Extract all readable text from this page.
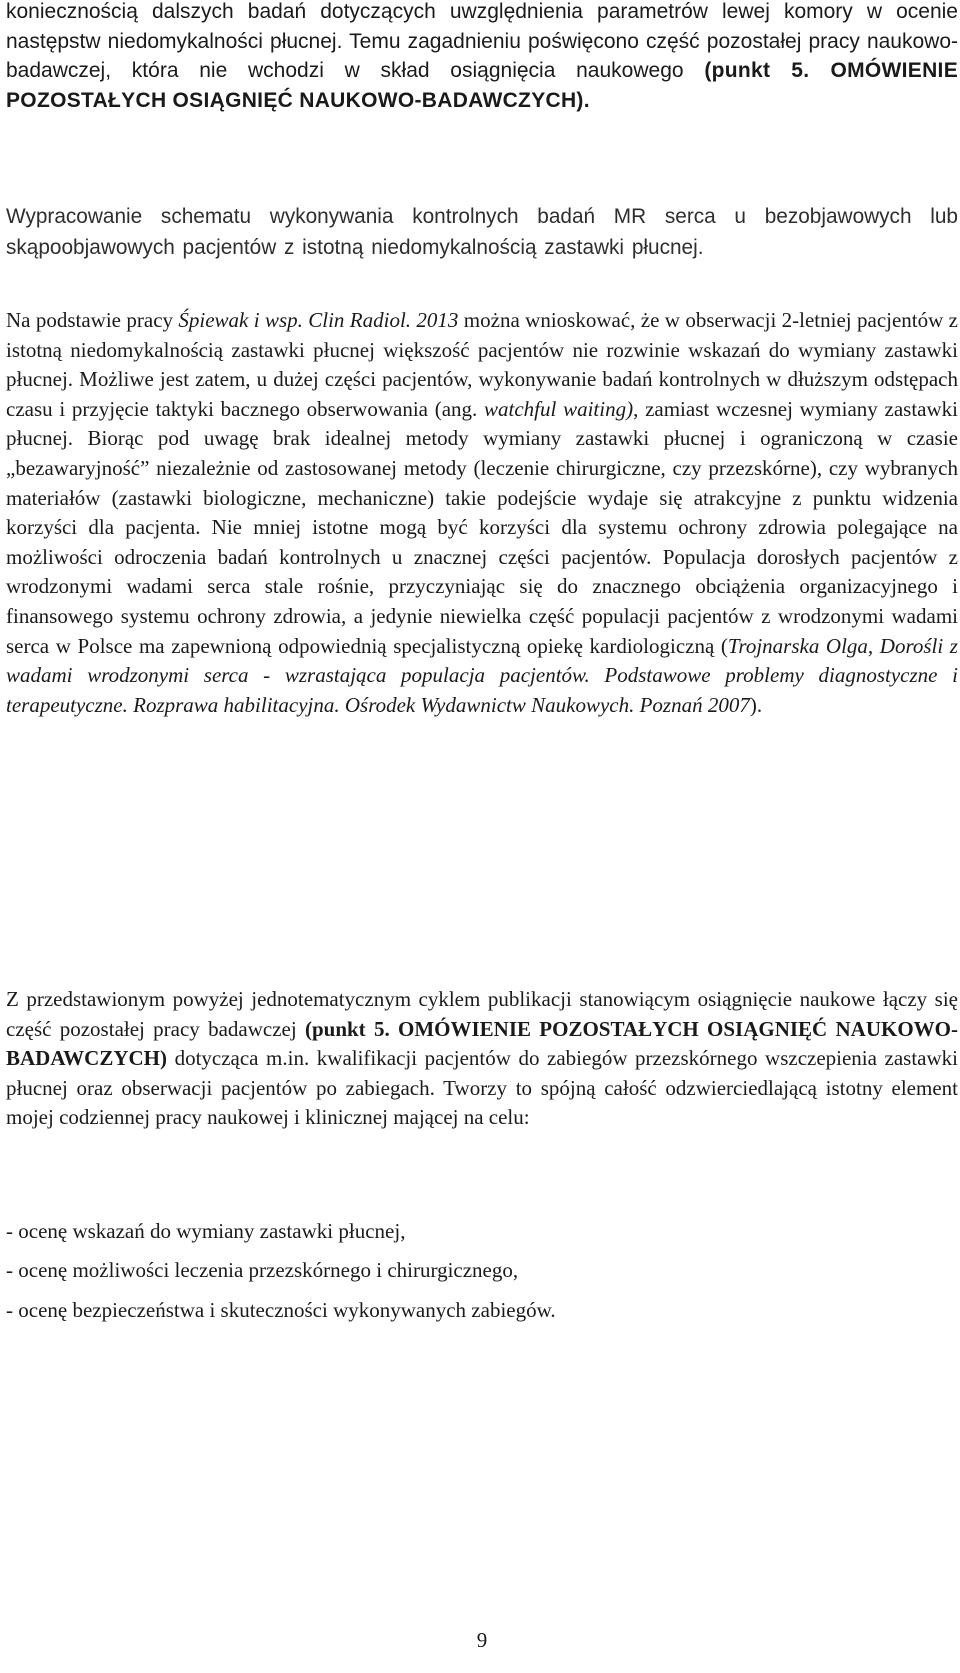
koniecznością dalszych badań dotyczących uwzględnienia parametrów lewej komory w ocenie następstw niedomykalności płucnej. Temu zagadnieniu poświęcono część pozostałej pracy naukowo-badawczej, która nie wchodzi w skład osiągnięcia naukowego (punkt 5. OMÓWIENIE POZOSTAŁYCH OSIĄGNIĘĆ NAUKOWO-BADAWCZYCH).

Wypracowanie schematu wykonywania kontrolnych badań MR serca u bezobjawowych lub skąpoobjawowych pacjentów z istotną niedomykalnością zastawki płucnej.

Na podstawie pracy Śpiewak i wsp. Clin Radiol. 2013 można wnioskować, że w obserwacji 2-letniej pacjentów z istotną niedomykalnością zastawki płucnej większość pacjentów nie rozwinie wskazań do wymiany zastawki płucnej. Możliwe jest zatem, u dużej części pacjentów, wykonywanie badań kontrolnych w dłuższym odstępach czasu i przyjęcie taktyki bacznego obserwowania (ang. watchful waiting), zamiast wczesnej wymiany zastawki płucnej. Biorąc pod uwagę brak idealnej metody wymiany zastawki płucnej i ograniczoną w czasie „bezawaryjność” niezależnie od zastosowanej metody (leczenie chirurgiczne, czy przezskórne), czy wybranych materiałów (zastawki biologiczne, mechaniczne) takie podejście wydaje się atrakcyjne z punktu widzenia korzyści dla pacjenta. Nie mniej istotne mogą być korzyści dla systemu ochrony zdrowia polegające na możliwości odroczenia badań kontrolnych u znacznej części pacjentów. Populacja dorosłych pacjentów z wrodzonymi wadami serca stale rośnie, przyczyniając się do znacznego obciążenia organizacyjnego i finansowego systemu ochrony zdrowia, a jedynie niewielka część populacji pacjentów z wrodzonymi wadami serca w Polsce ma zapewnioną odpowiednią specjalistyczną opiekę kardiologiczną (Trojnarska Olga, Dorośli z wadami wrodzonymi serca - wzrastająca populacja pacjentów. Podstawowe problemy diagnostyczne i terapeutyczne. Rozprawa habilitacyjna. Ośrodek Wydawnictw Naukowych. Poznań 2007).

Z przedstawionym powyżej jednotematycznym cyklem publikacji stanowiącym osiągnięcie naukowe łączy się część pozostałej pracy badawczej (punkt 5. OMÓWIENIE POZOSTAŁYCH OSIĄGNIĘĆ NAUKOWO-BADAWCZYCH) dotycząca m.in. kwalifikacji pacjentów do zabiegów przezskórnego wszczepienia zastawki płucnej oraz obserwacji pacjentów po zabiegach. Tworzy to spójną całość odzwierciedlającą istotny element mojej codziennej pracy naukowej i klinicznej mającej na celu:

- ocenę wskazań do wymiany zastawki płucnej,

- ocenę możliwości leczenia przezskórnego i chirurgicznego,

- ocenę bezpieczeństwa i skuteczności wykonywanych zabiegów.

9
